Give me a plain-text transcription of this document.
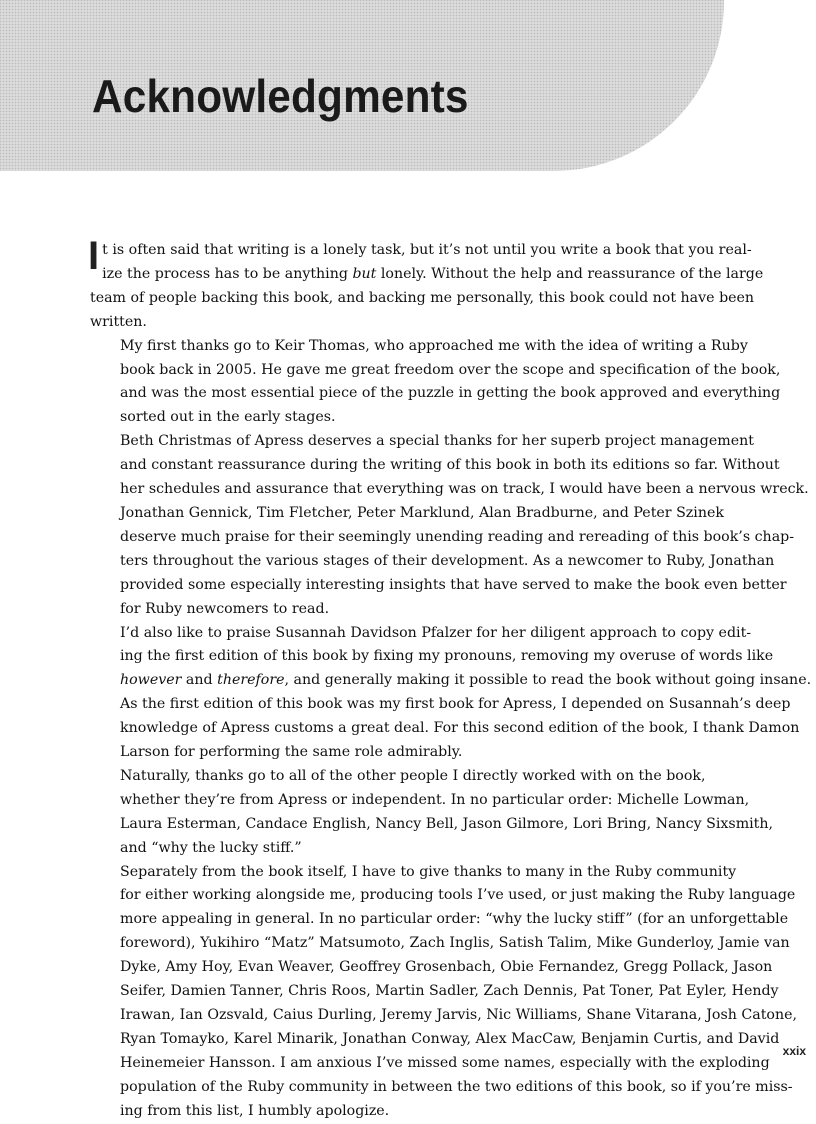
Acknowledgments

I t is often said that writing is a lonely task, but it’s not until you write a book that you real-
ize the process has to be anything but lonely. Without the help and reassurance of the large
team of people backing this book, and backing me personally, this book could not have been
written.

My first thanks go to Keir Thomas, who approached me with the idea of writing a Ruby
book back in 2005. He gave me great freedom over the scope and specification of the book,
and was the most essential piece of the puzzle in getting the book approved and everything
sorted out in the early stages.

Beth Christmas of Apress deserves a special thanks for her superb project management
and constant reassurance during the writing of this book in both its editions so far. Without
her schedules and assurance that everything was on track, I would have been a nervous wreck.

Jonathan Gennick, Tim Fletcher, Peter Marklund, Alan Bradburne, and Peter Szinek
deserve much praise for their seemingly unending reading and rereading of this book’s chap-
ters throughout the various stages of their development. As a newcomer to Ruby, Jonathan
provided some especially interesting insights that have served to make the book even better
for Ruby newcomers to read.

I’d also like to praise Susannah Davidson Pfalzer for her diligent approach to copy edit-
ing the first edition of this book by fixing my pronouns, removing my overuse of words like
however and therefore, and generally making it possible to read the book without going insane.
As the first edition of this book was my first book for Apress, I depended on Susannah’s deep
knowledge of Apress customs a great deal. For this second edition of the book, I thank Damon
Larson for performing the same role admirably.

Naturally, thanks go to all of the other people I directly worked with on the book,
whether they’re from Apress or independent. In no particular order: Michelle Lowman,
Laura Esterman, Candace English, Nancy Bell, Jason Gilmore, Lori Bring, Nancy Sixsmith,
and “why the lucky stiff.”

Separately from the book itself, I have to give thanks to many in the Ruby community
for either working alongside me, producing tools I’ve used, or just making the Ruby language
more appealing in general. In no particular order: “why the lucky stiff” (for an unforgettable
foreword), Yukihiro “Matz” Matsumoto, Zach Inglis, Satish Talim, Mike Gunderloy, Jamie van
Dyke, Amy Hoy, Evan Weaver, Geoffrey Grosenbach, Obie Fernandez, Gregg Pollack, Jason
Seifer, Damien Tanner, Chris Roos, Martin Sadler, Zach Dennis, Pat Toner, Pat Eyler, Hendy
Irawan, Ian Ozsvald, Caius Durling, Jeremy Jarvis, Nic Williams, Shane Vitarana, Josh Catone,
Ryan Tomayko, Karel Minarik, Jonathan Conway, Alex MacCaw, Benjamin Curtis, and David
Heinemeier Hansson. I am anxious I’ve missed some names, especially with the exploding
population of the Ruby community in between the two editions of this book, so if you’re miss-
ing from this list, I humbly apologize.

xxix
